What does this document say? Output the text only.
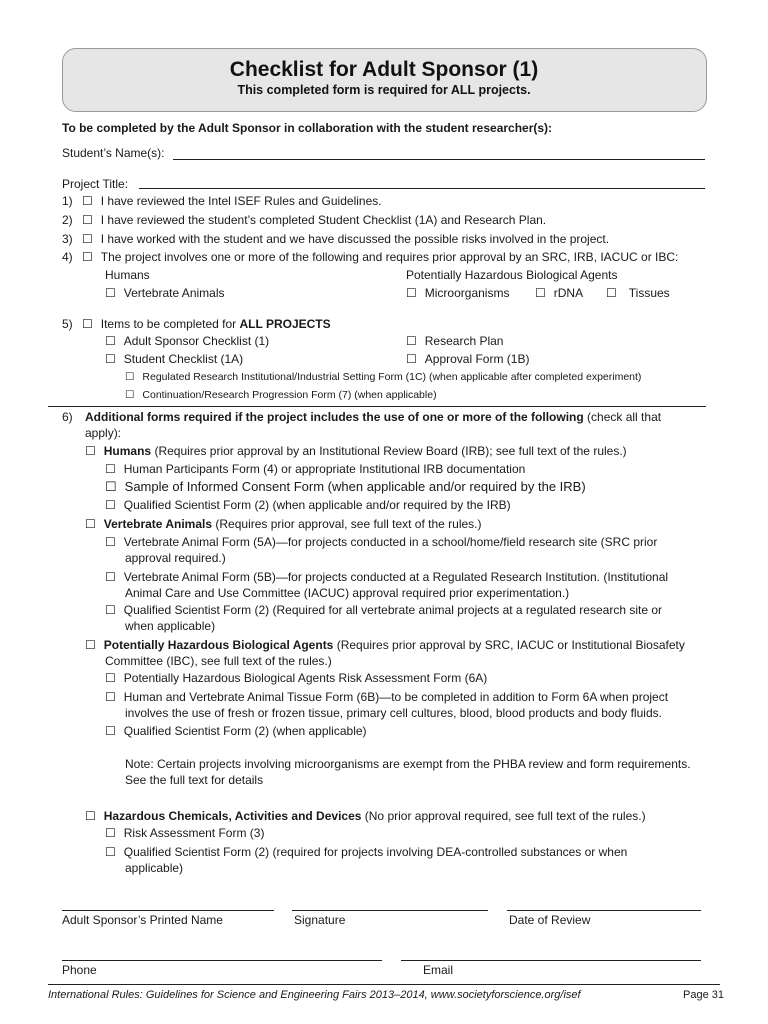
Checklist for Adult Sponsor (1)
This completed form is required for ALL projects.
To be completed by the Adult Sponsor in collaboration with the student researcher(s):
Student’s Name(s):
Project Title:
1) ☐ I have reviewed the Intel ISEF Rules and Guidelines.
2) ☐ I have reviewed the student’s completed Student Checklist (1A) and Research Plan.
3) ☐ I have worked with the student and we have discussed the possible risks involved in the project.
4) ☐ The project involves one or more of the following and requires prior approval by an SRC, IRB, IACUC or IBC:
Humans
☐ Vertebrate Animals
Potentially Hazardous Biological Agents
☐ Microorganisms ☐ rDNA ☐ Tissues
5) ☐ Items to be completed for ALL PROJECTS
☐ Adult Sponsor Checklist (1)
☐ Student Checklist (1A)
☐ Research Plan
☐ Approval Form (1B)
☐ Regulated Research Institutional/Industrial Setting Form (1C) (when applicable after completed experiment)
☐ Continuation/Research Progression Form (7) (when applicable)
6) Additional forms required if the project includes the use of one or more of the following (check all that
apply):
☐ Humans (Requires prior approval by an Institutional Review Board (IRB); see full text of the rules.)
☐ Human Participants Form (4) or appropriate Institutional IRB documentation
☐ Sample of Informed Consent Form (when applicable and/or required by the IRB)
☐ Qualified Scientist Form (2) (when applicable and/or required by the IRB)
☐ Vertebrate Animals (Requires prior approval, see full text of the rules.)
☐ Vertebrate Animal Form (5A)—for projects conducted in a school/home/field research site (SRC prior
approval required.)
☐ Vertebrate Animal Form (5B)—for projects conducted at a Regulated Research Institution. (Institutional
Animal Care and Use Committee (IACUC) approval required prior experimentation.)
☐ Qualified Scientist Form (2) (Required for all vertebrate animal projects at a regulated research site or
when applicable)
☐ Potentially Hazardous Biological Agents (Requires prior approval by SRC, IACUC or Institutional Biosafety
Committee (IBC), see full text of the rules.)
☐ Potentially Hazardous Biological Agents Risk Assessment Form (6A)
☐ Human and Vertebrate Animal Tissue Form (6B)—to be completed in addition to Form 6A when project
involves the use of fresh or frozen tissue, primary cell cultures, blood, blood products and body fluids.
☐ Qualified Scientist Form (2) (when applicable)
Note: Certain projects involving microorganisms are exempt from the PHBA review and form requirements.
See the full text for details
☐ Hazardous Chemicals, Activities and Devices (No prior approval required, see full text of the rules.)
☐ Risk Assessment Form (3)
☐ Qualified Scientist Form (2) (required for projects involving DEA-controlled substances or when
applicable)
Adult Sponsor’s Printed Name	Signature	Date of Review
Phone	Email
International Rules: Guidelines for Science and Engineering Fairs 2013–2014, www.societyforscience.org/isef	Page 31
